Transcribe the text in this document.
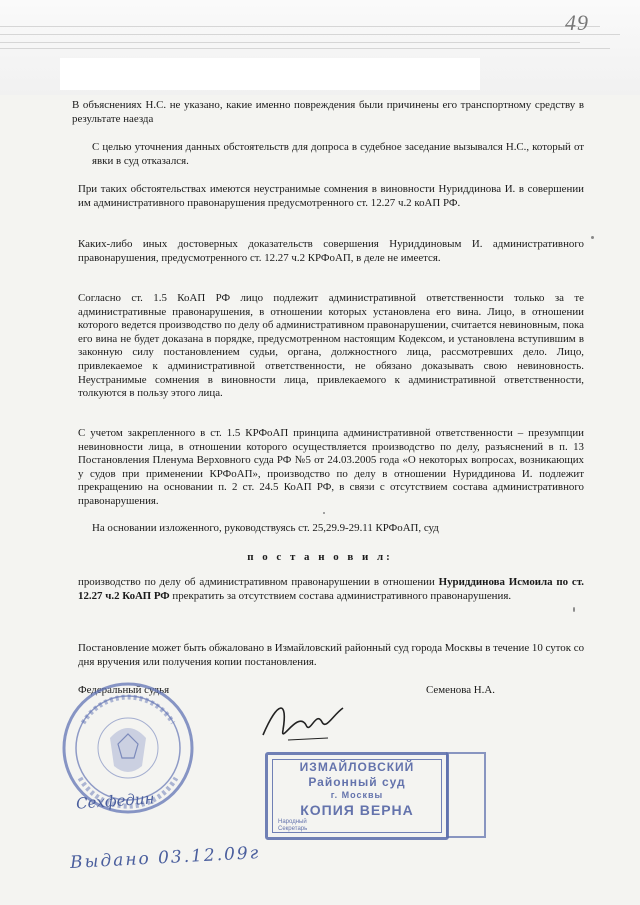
49

В объяснениях Н.С. не указано, какие именно повреждения были причинены его транспортному средству в результате наезда

С целью уточнения данных обстоятельств для допроса в судебное заседание вызывался Н.С., который от явки в суд отказался.

При таких обстоятельствах имеются неустранимые сомнения в виновности Нуриддинова И. в совершении им административного правонарушения предусмотренного ст. 12.27 ч.2 коАП РФ.

Каких-либо иных достоверных доказательств совершения Нуриддиновым И. административного правонарушения, предусмотренного ст. 12.27 ч.2 КРФоАП, в деле не имеется.

Согласно ст. 1.5 КоАП РФ лицо подлежит административной ответственности только за те административные правонарушения, в отношении которых установлена его вина. Лицо, в отношении которого ведется производство по делу об административном правонарушении, считается невиновным, пока его вина не будет доказана в порядке, предусмотренном настоящим Кодексом, и установлена вступившим в законную силу постановлением судьи, органа, должностного лица, рассмотревших дело. Лицо, привлекаемое к административной ответственности, не обязано доказывать свою невиновность. Неустранимые сомнения в виновности лица, привлекаемого к административной ответственности, толкуются в пользу этого лица.

С учетом закрепленного в ст. 1.5 КРФоАП принципа административной ответственности – презумпции невиновности лица, в отношении которого осуществляется производство по делу, разъяснений в п. 13 Постановления Пленума Верховного суда РФ №5 от 24.03.2005 года «О некоторых вопросах, возникающих у судов при применении КРФоАП», производство по делу в отношении Нуриддинова И. подлежит прекращению на основании п. 2 ст. 24.5 КоАП РФ, в связи с отсутствием состава административного правонарушения.

На основании изложенного, руководствуясь ст. 25,29.9-29.11 КРФоАП, суд

п о с т а н о в и л:

производство по делу об административном правонарушении в отношении Нуриддинова Исмоила по ст. 12.27 ч.2 КоАП РФ прекратить за отсутствием состава административного правонарушения.

Постановление может быть обжаловано в Измайловский районный суд города Москвы в течение 10 суток со дня вручения или получения копии постановления.

Федеральный судья	Семенова Н.А.
ИЗМАЙЛОВСКИЙ
Районный суд
г. Москвы
КОПИЯ ВЕРНА
Народный
Секретарь
Сехфедин
Выдано 03.12.09г
